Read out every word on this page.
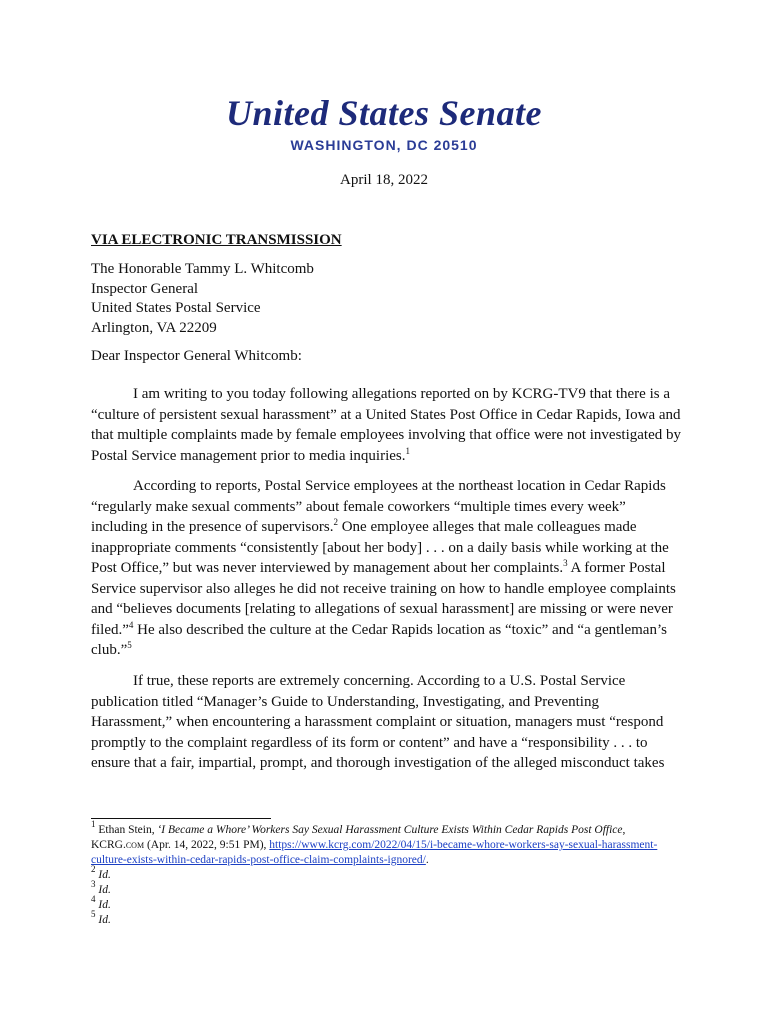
United States Senate
WASHINGTON, DC 20510
April 18, 2022
VIA ELECTRONIC TRANSMISSION
The Honorable Tammy L. Whitcomb
Inspector General
United States Postal Service
Arlington, VA 22209
Dear Inspector General Whitcomb:

I am writing to you today following allegations reported on by KCRG-TV9 that there is a “culture of persistent sexual harassment” at a United States Post Office in Cedar Rapids, Iowa and that multiple complaints made by female employees involving that office were not investigated by Postal Service management prior to media inquiries.$^1$

According to reports, Postal Service employees at the northeast location in Cedar Rapids “regularly make sexual comments” about female coworkers “multiple times every week” including in the presence of supervisors.$^2$ One employee alleges that male colleagues made inappropriate comments “consistently [about her body] . . . on a daily basis while working at the Post Office,” but was never interviewed by management about her complaints.$^3$ A former Postal Service supervisor also alleges he did not receive training on how to handle employee complaints and “believes documents [relating to allegations of sexual harassment] are missing or were never filed.”$^4$ He also described the culture at the Cedar Rapids location as “toxic” and “a gentleman’s club.”$^5$

If true, these reports are extremely concerning. According to a U.S. Postal Service publication titled “Manager’s Guide to Understanding, Investigating, and Preventing Harassment,” when encountering a harassment complaint or situation, managers must “respond promptly to the complaint regardless of its form or content” and have a “responsibility . . . to ensure that a fair, impartial, prompt, and thorough investigation of the alleged misconduct takes

$^1$ Ethan Stein, ‘I Became a Whore’ Workers Say Sexual Harassment Culture Exists Within Cedar Rapids Post Office, KCRG.com (Apr. 14, 2022, 9:51 PM), https://www.kcrg.com/2022/04/15/i-became-whore-workers-say-sexual-harassment-culture-exists-within-cedar-rapids-post-office-claim-complaints-ignored/.
$^2$ Id.
$^3$ Id.
$^4$ Id.
$^5$ Id.
